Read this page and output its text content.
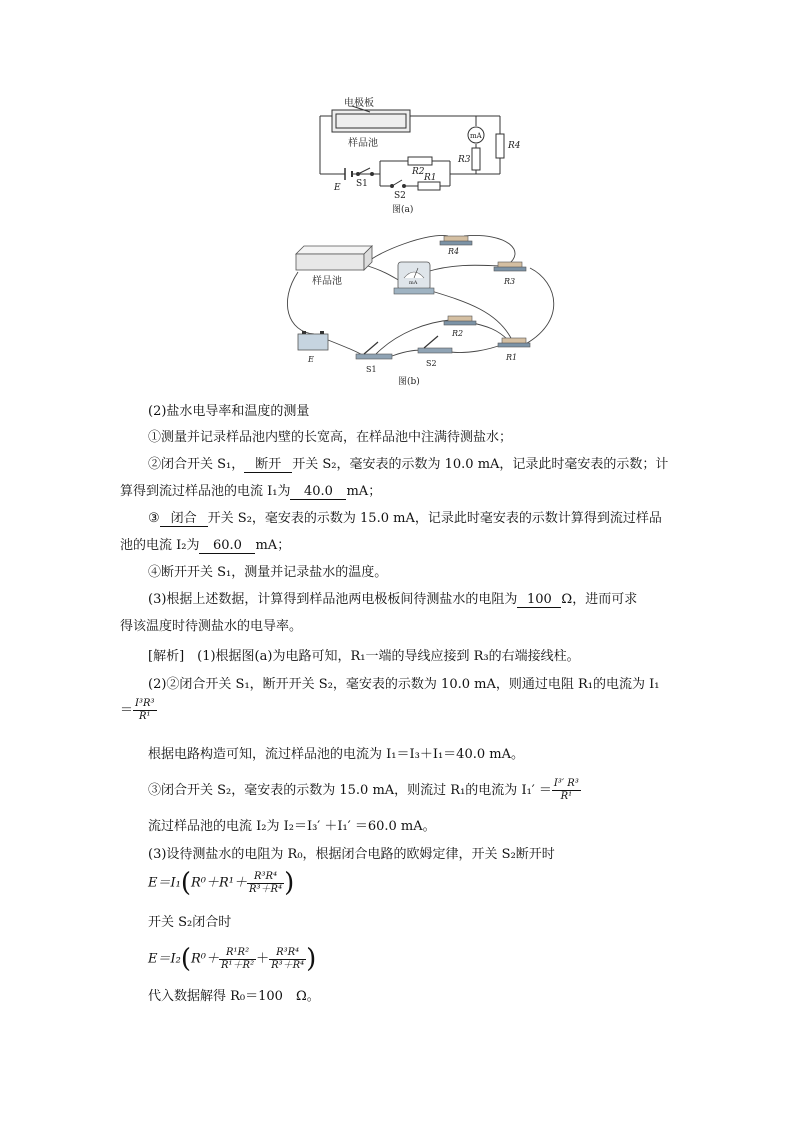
电极板
样品池
mA
R4
R3
R2
R1
E S1
S2
图(a)
样品池	mA
R4
R3
R2
R1
E
S1
S2
图(b)
(2)盐水电导率和温度的测量
①测量并记录样品池内壁的长宽高，在样品池中注满待测盐水；
②闭合开关 S₁， 断开 开关 S₂，毫安表的示数为 10.0 mA，记录此时毫安表的示数；计
算得到流过样品池的电流 I₁为 40.0 mA；
③ 闭合 开关 S₂，毫安表的示数为 15.0 mA，记录此时毫安表的示数计算得到流过样品
池的电流 I₂为 60.0 mA；
④断开开关 S₁，测量并记录盐水的温度。
(3)根据上述数据，计算得到样品池两电极板间待测盐水的电阻为 100 Ω，进而可求
得该温度时待测盐水的电导率。
[解析]　(1)根据图(a)为电路可知，R₁一端的导线应接到 R₃的右端接线柱。
(2)②闭合开关 S₁，断开开关 S₂，毫安表的示数为 10.0 mA，则通过电阻 R₁的电流为 I₁
＝ $\frac{\text{I³R³}}{\text{R¹}}$
根据电路构造可知，流过样品池的电流为 I₁＝I₃＋I₁＝40.0 mA。
③闭合开关 S₂，毫安表的示数为 15.0 mA，则流过 R₁的电流为 $I_1' = \frac{\text{I³′ R³}}{\text{R¹}}$
流过样品池的电流 I₂为 I₂＝I₃′ ＋I₁′ ＝60.0 mA。
(3)设待测盐水的电阻为 R₀，根据闭合电路的欧姆定律，开关 S₂断开时
$E=I_1(R^0+R^1+ \frac{\text{R³R⁴}}{\text{R³＋R⁴}}$ )
开关 S₂闭合时
$E=I_2(R^0+ \frac{\text{R¹R²}}{\text{R¹＋R²}} + \frac{\text{R³R⁴}}{\text{R³＋R⁴}}$ )
代入数据解得 R₀＝100　Ω。
